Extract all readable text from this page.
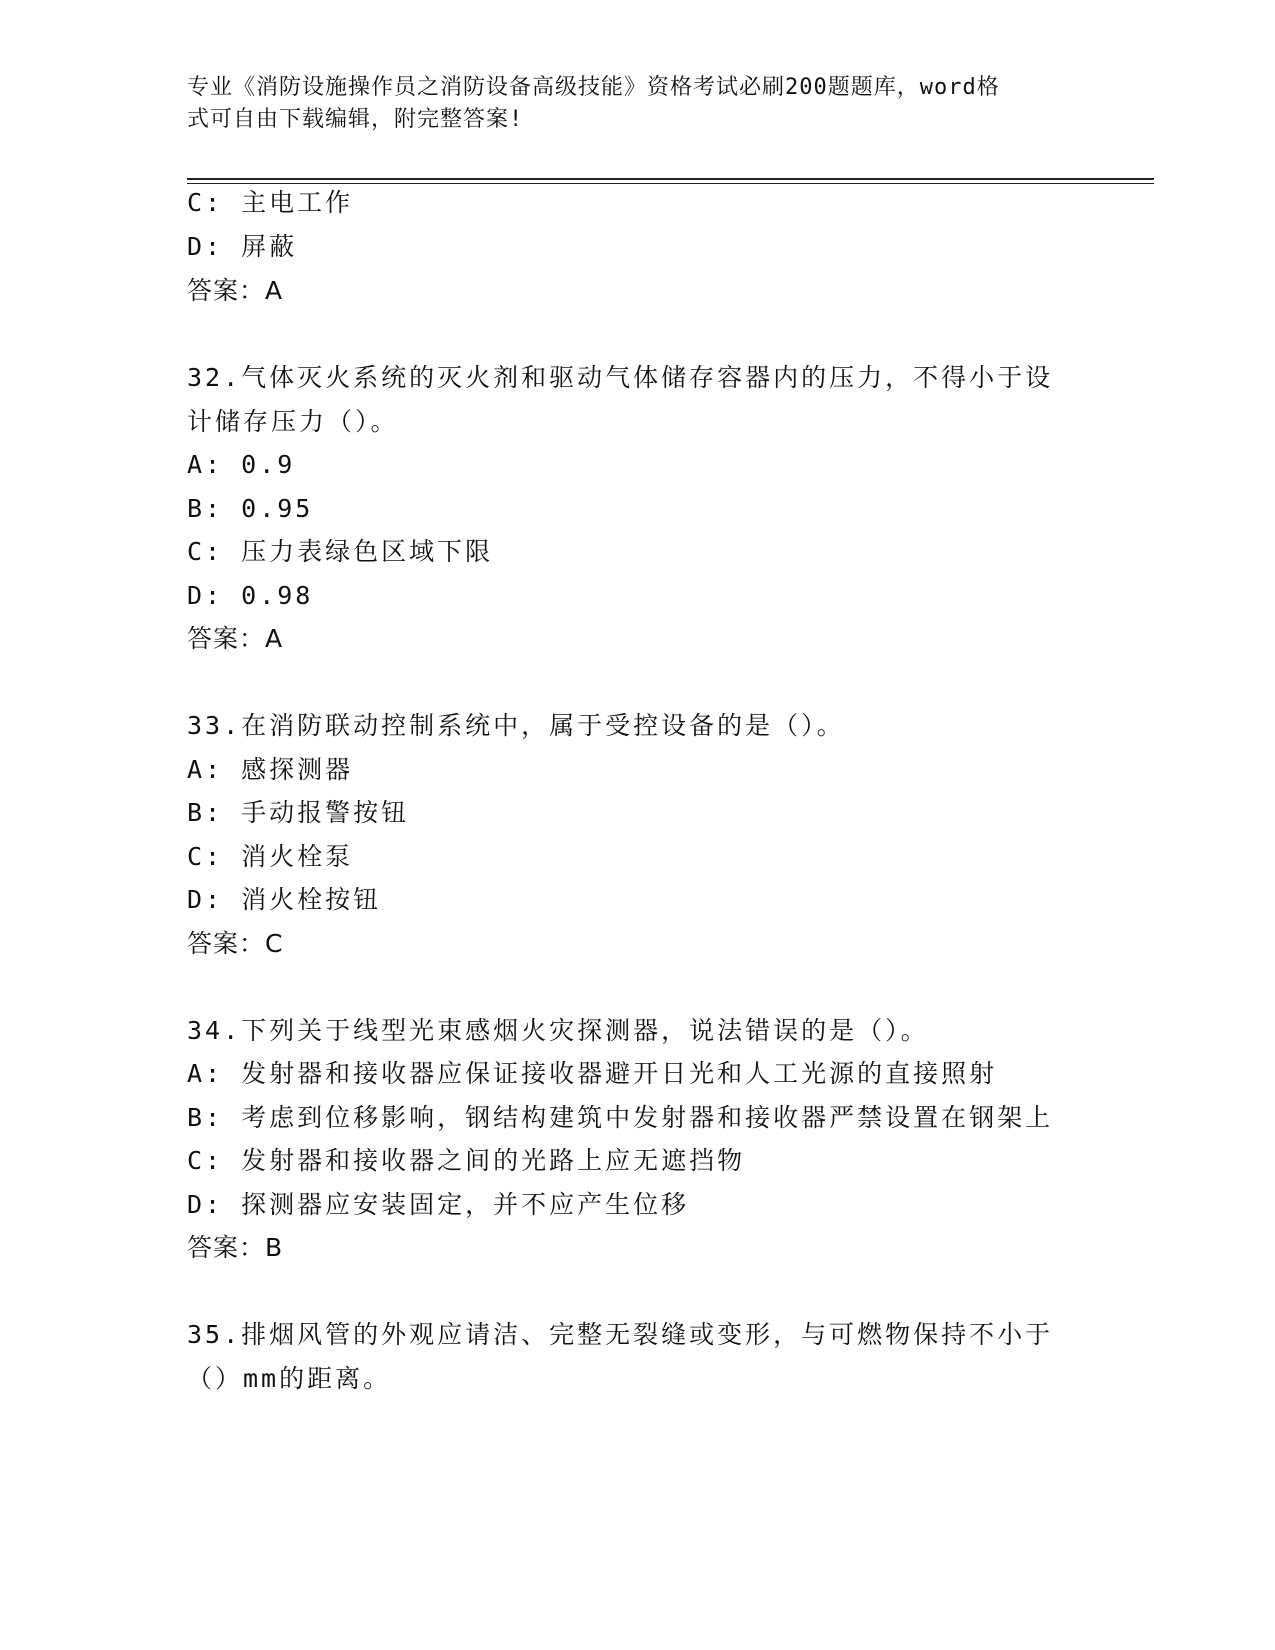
专业《消防设施操作员之消防设备高级技能》资格考试必刷200题题库，word格
式可自由下载编辑，附完整答案!
C: 主电工作
D: 屏蔽
答案：A
32.气体灭火系统的灭火剂和驱动气体储存容器内的压力，不得小于设
计储存压力（）。
A: 0.9
B: 0.95
C: 压力表绿色区域下限
D: 0.98
答案：A
33.在消防联动控制系统中，属于受控设备的是（）。
A: 感探测器
B: 手动报警按钮
C: 消火栓泵
D: 消火栓按钮
答案：C
34.下列关于线型光束感烟火灾探测器，说法错误的是（）。
A: 发射器和接收器应保证接收器避开日光和人工光源的直接照射
B: 考虑到位移影响，钢结构建筑中发射器和接收器严禁设置在钢架上
C: 发射器和接收器之间的光路上应无遮挡物
D: 探测器应安装固定，并不应产生位移
答案：B
35.排烟风管的外观应请洁、完整无裂缝或变形，与可燃物保持不小于
（）mm的距离。
